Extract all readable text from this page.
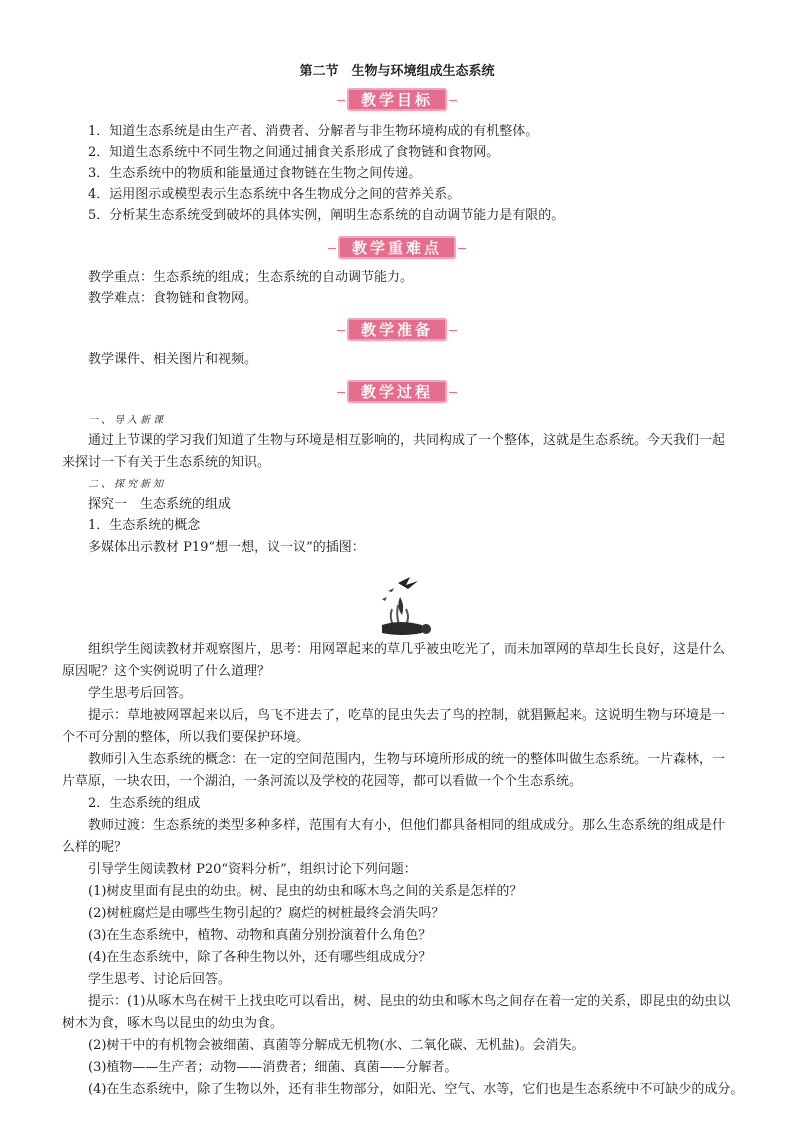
第二节　生物与环境组成生态系统
教学目标
1．知道生态系统是由生产者、消费者、分解者与非生物环境构成的有机整体。
2．知道生态系统中不同生物之间通过捕食关系形成了食物链和食物网。
3．生态系统中的物质和能量通过食物链在生物之间传递。
4．运用图示或模型表示生态系统中各生物成分之间的营养关系。
5．分析某生态系统受到破坏的具体实例，阐明生态系统的自动调节能力是有限的。
教学重难点
教学重点：生态系统的组成；生态系统的自动调节能力。
教学难点：食物链和食物网。
教学准备
教学课件、相关图片和视频。
教学过程
一、导入新课
通过上节课的学习我们知道了生物与环境是相互影响的，共同构成了一个整体，这就是生态系统。今天我们一起
来探讨一下有关于生态系统的知识。
二、探究新知
探究一　生态系统的组成
1．生态系统的概念
多媒体出示教材 P19“想一想，议一议”的插图：
组织学生阅读教材并观察图片，思考：用网罩起来的草几乎被虫吃光了，而未加罩网的草却生长良好，这是什么
原因呢？这个实例说明了什么道理？
学生思考后回答。
提示：草地被网罩起来以后，鸟飞不进去了，吃草的昆虫失去了鸟的控制，就猖獗起来。这说明生物与环境是一
个不可分割的整体，所以我们要保护环境。
教师引入生态系统的概念：在一定的空间范围内，生物与环境所形成的统一的整体叫做生态系统。一片森林，一
片草原，一块农田，一个湖泊，一条河流以及学校的花园等，都可以看做一个个生态系统。
2．生态系统的组成
教师过渡：生态系统的类型多种多样，范围有大有小，但他们都具备相同的组成成分。那么生态系统的组成是什
么样的呢？
引导学生阅读教材 P20“资料分析”，组织讨论下列问题：
(1)树皮里面有昆虫的幼虫。树、昆虫的幼虫和啄木鸟之间的关系是怎样的？
(2)树桩腐烂是由哪些生物引起的？腐烂的树桩最终会消失吗？
(3)在生态系统中，植物、动物和真菌分别扮演着什么角色？
(4)在生态系统中，除了各种生物以外，还有哪些组成成分？
学生思考、讨论后回答。
提示：(1)从啄木鸟在树干上找虫吃可以看出，树、昆虫的幼虫和啄木鸟之间存在着一定的关系，即昆虫的幼虫以
树木为食，啄木鸟以昆虫的幼虫为食。
(2)树干中的有机物会被细菌、真菌等分解成无机物(水、二氧化碳、无机盐)。会消失。
(3)植物——生产者；动物——消费者；细菌、真菌——分解者。
(4)在生态系统中，除了生物以外，还有非生物部分，如阳光、空气、水等，它们也是生态系统中不可缺少的成分。
